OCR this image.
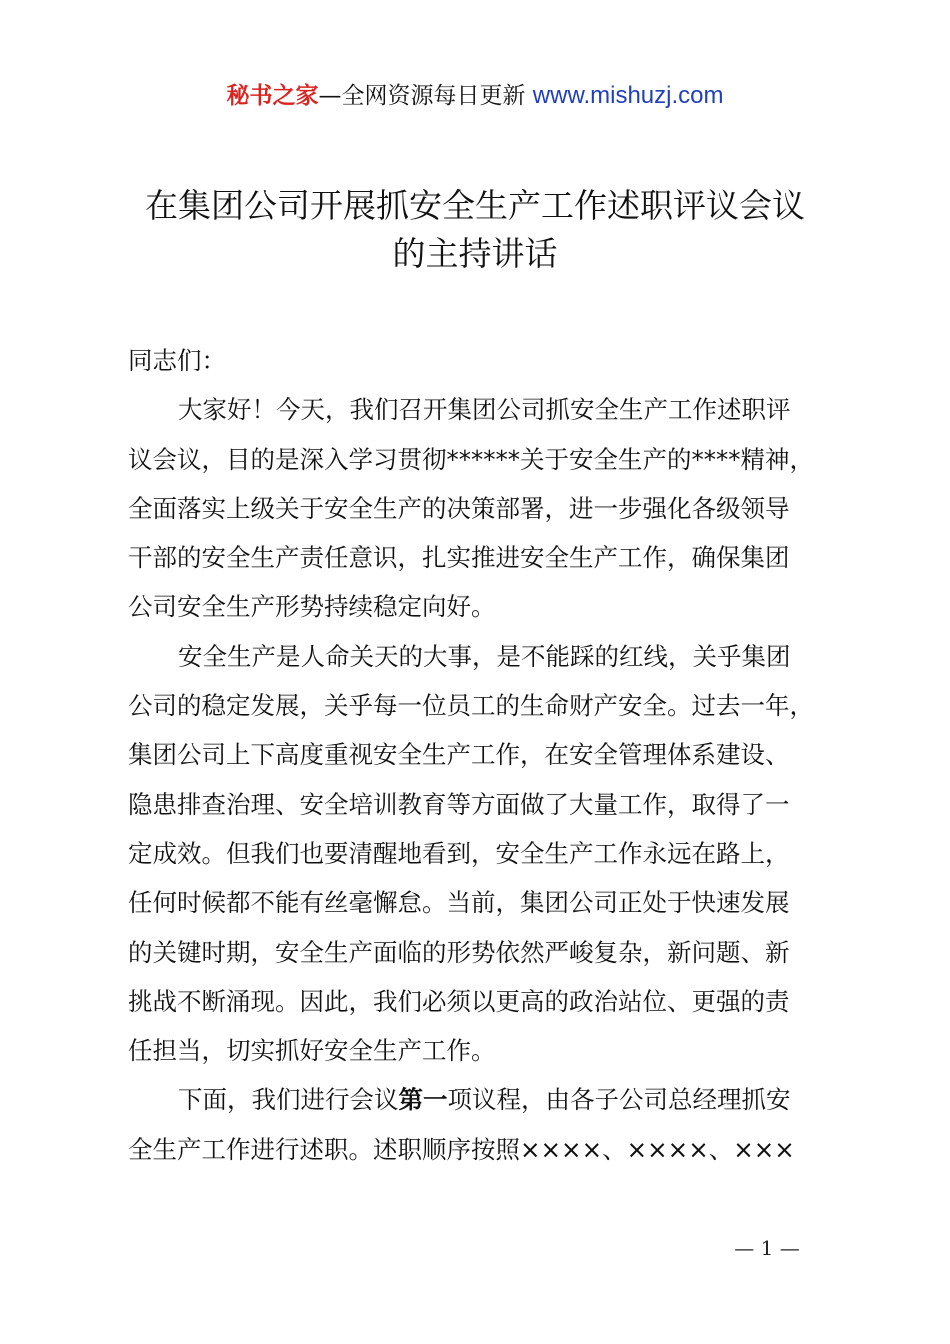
秘书之家—全网资源每日更新 www.mishuzj.com
在集团公司开展抓安全生产工作述职评议会议
的主持讲话
同志们：
大家好！今天，我们召开集团公司抓安全生产工作述职评
议会议，目的是深入学习贯彻******关于安全生产的****精神，
全面落实上级关于安全生产的决策部署，进一步强化各级领导
干部的安全生产责任意识，扎实推进安全生产工作，确保集团
公司安全生产形势持续稳定向好。
安全生产是人命关天的大事，是不能踩的红线，关乎集团
公司的稳定发展，关乎每一位员工的生命财产安全。过去一年，
集团公司上下高度重视安全生产工作，在安全管理体系建设、
隐患排查治理、安全培训教育等方面做了大量工作，取得了一
定成效。但我们也要清醒地看到，安全生产工作永远在路上，
任何时候都不能有丝毫懈怠。当前，集团公司正处于快速发展
的关键时期，安全生产面临的形势依然严峻复杂，新问题、新
挑战不断涌现。因此，我们必须以更高的政治站位、更强的责
任担当，切实抓好安全生产工作。
下面，我们进行会议第一项议程，由各子公司总经理抓安
全生产工作进行述职。述职顺序按照××××、××××、×××
— 1 —
